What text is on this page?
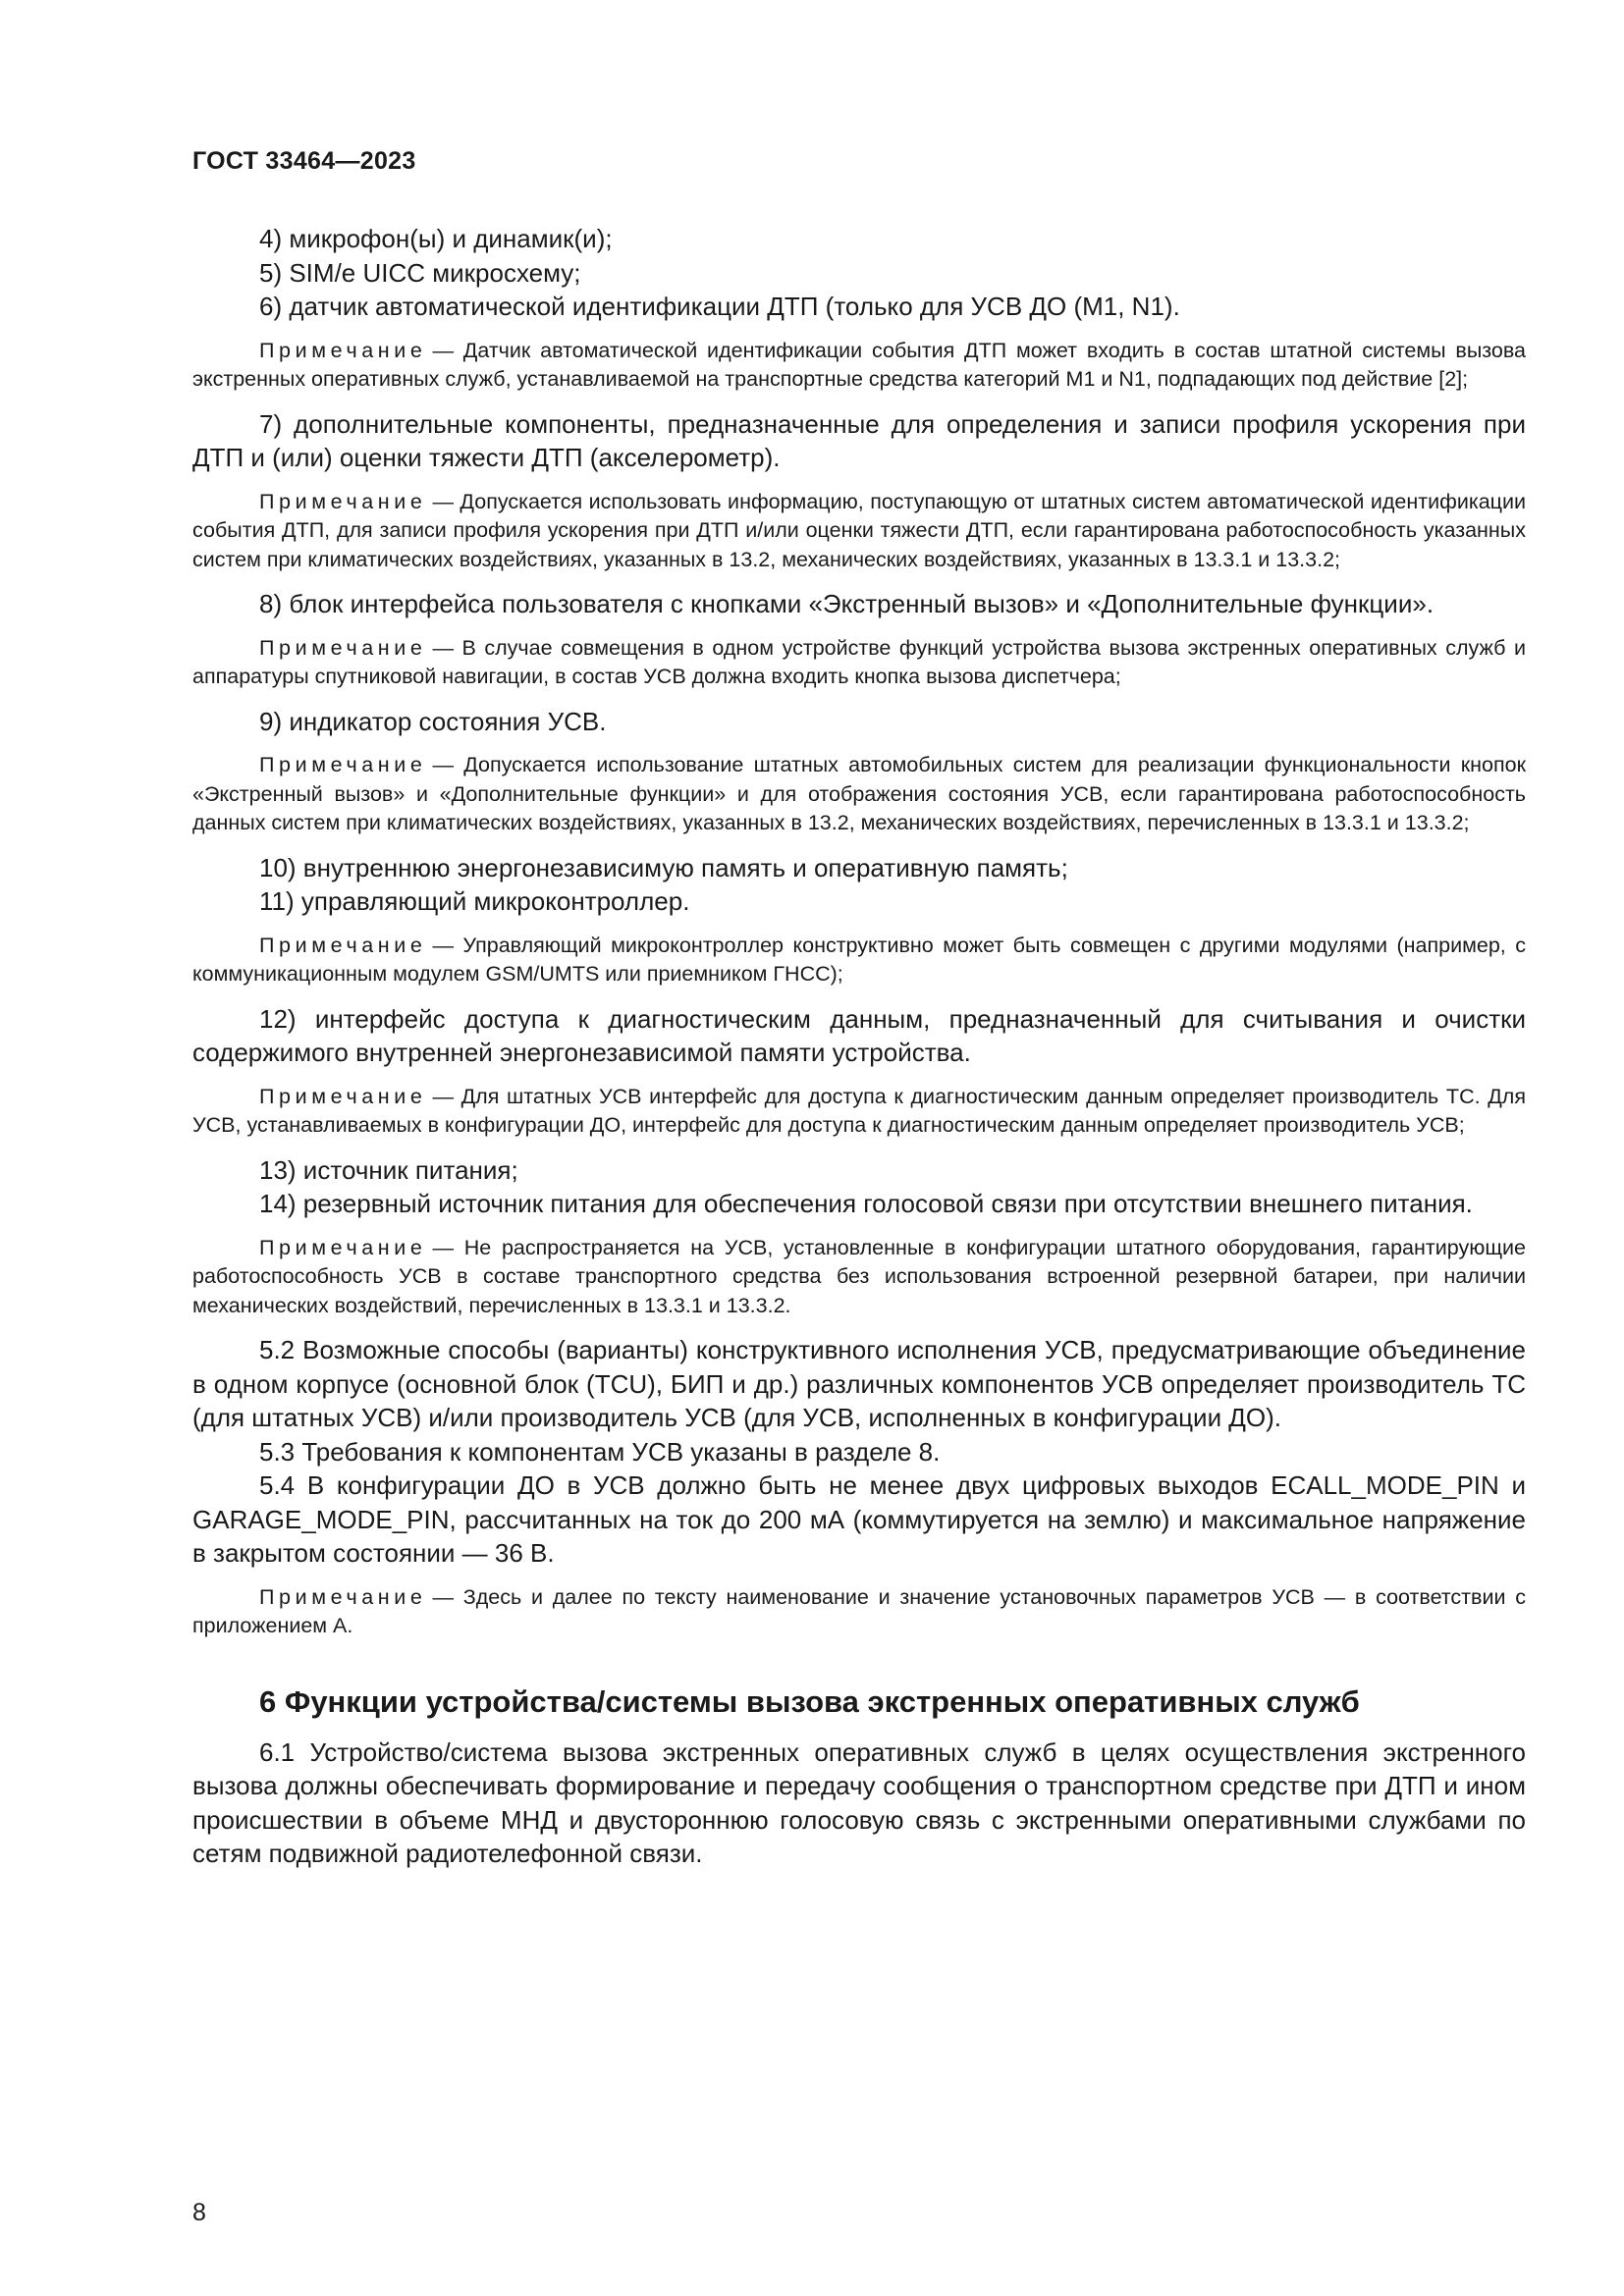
ГОСТ 33464—2023

4) микрофон(ы) и динамик(и);

5) SIM/e UICC микросхему;

6) датчик автоматической идентификации ДТП (только для УСВ ДО (M1, N1).

Примечание — Датчик автоматической идентификации события ДТП может входить в состав штатной системы вызова экстренных оперативных служб, устанавливаемой на транспортные средства категорий M1 и N1, подпадающих под действие [2];

7) дополнительные компоненты, предназначенные для определения и записи профиля ускорения при ДТП и (или) оценки тяжести ДТП (акселерометр).

Примечание — Допускается использовать информацию, поступающую от штатных систем автоматической идентификации события ДТП, для записи профиля ускорения при ДТП и/или оценки тяжести ДТП, если гарантирована работоспособность указанных систем при климатических воздействиях, указанных в 13.2, механических воздействиях, указанных в 13.3.1 и 13.3.2;

8) блок интерфейса пользователя с кнопками «Экстренный вызов» и «Дополнительные функции».

Примечание — В случае совмещения в одном устройстве функций устройства вызова экстренных оперативных служб и аппаратуры спутниковой навигации, в состав УСВ должна входить кнопка вызова диспетчера;

9) индикатор состояния УСВ.

Примечание — Допускается использование штатных автомобильных систем для реализации функциональности кнопок «Экстренный вызов» и «Дополнительные функции» и для отображения состояния УСВ, если гарантирована работоспособность данных систем при климатических воздействиях, указанных в 13.2, механических воздействиях, перечисленных в 13.3.1 и 13.3.2;

10) внутреннюю энергонезависимую память и оперативную память;

11) управляющий микроконтроллер.

Примечание — Управляющий микроконтроллер конструктивно может быть совмещен с другими модулями (например, с коммуникационным модулем GSM/UMTS или приемником ГНСС);

12) интерфейс доступа к диагностическим данным, предназначенный для считывания и очистки содержимого внутренней энергонезависимой памяти устройства.

Примечание — Для штатных УСВ интерфейс для доступа к диагностическим данным определяет производитель ТС. Для УСВ, устанавливаемых в конфигурации ДО, интерфейс для доступа к диагностическим данным определяет производитель УСВ;

13) источник питания;

14) резервный источник питания для обеспечения голосовой связи при отсутствии внешнего питания.

Примечание — Не распространяется на УСВ, установленные в конфигурации штатного оборудования, гарантирующие работоспособность УСВ в составе транспортного средства без использования встроенной резервной батареи, при наличии механических воздействий, перечисленных в 13.3.1 и 13.3.2.

5.2 Возможные способы (варианты) конструктивного исполнения УСВ, предусматривающие объединение в одном корпусе (основной блок (TCU), БИП и др.) различных компонентов УСВ определяет производитель ТС (для штатных УСВ) и/или производитель УСВ (для УСВ, исполненных в конфигурации ДО).

5.3 Требования к компонентам УСВ указаны в разделе 8.

5.4 В конфигурации ДО в УСВ должно быть не менее двух цифровых выходов ECALL_MODE_PIN и GARAGE_MODE_PIN, рассчитанных на ток до 200 мА (коммутируется на землю) и максимальное напряжение в закрытом состоянии — 36 В.

Примечание — Здесь и далее по тексту наименование и значение установочных параметров УСВ — в соответствии с приложением А.

6 Функции устройства/системы вызова экстренных оперативных служб

6.1 Устройство/система вызова экстренных оперативных служб в целях осуществления экстренного вызова должны обеспечивать формирование и передачу сообщения о транспортном средстве при ДТП и ином происшествии в объеме МНД и двустороннюю голосовую связь с экстренными оперативными службами по сетям подвижной радиотелефонной связи.

8
